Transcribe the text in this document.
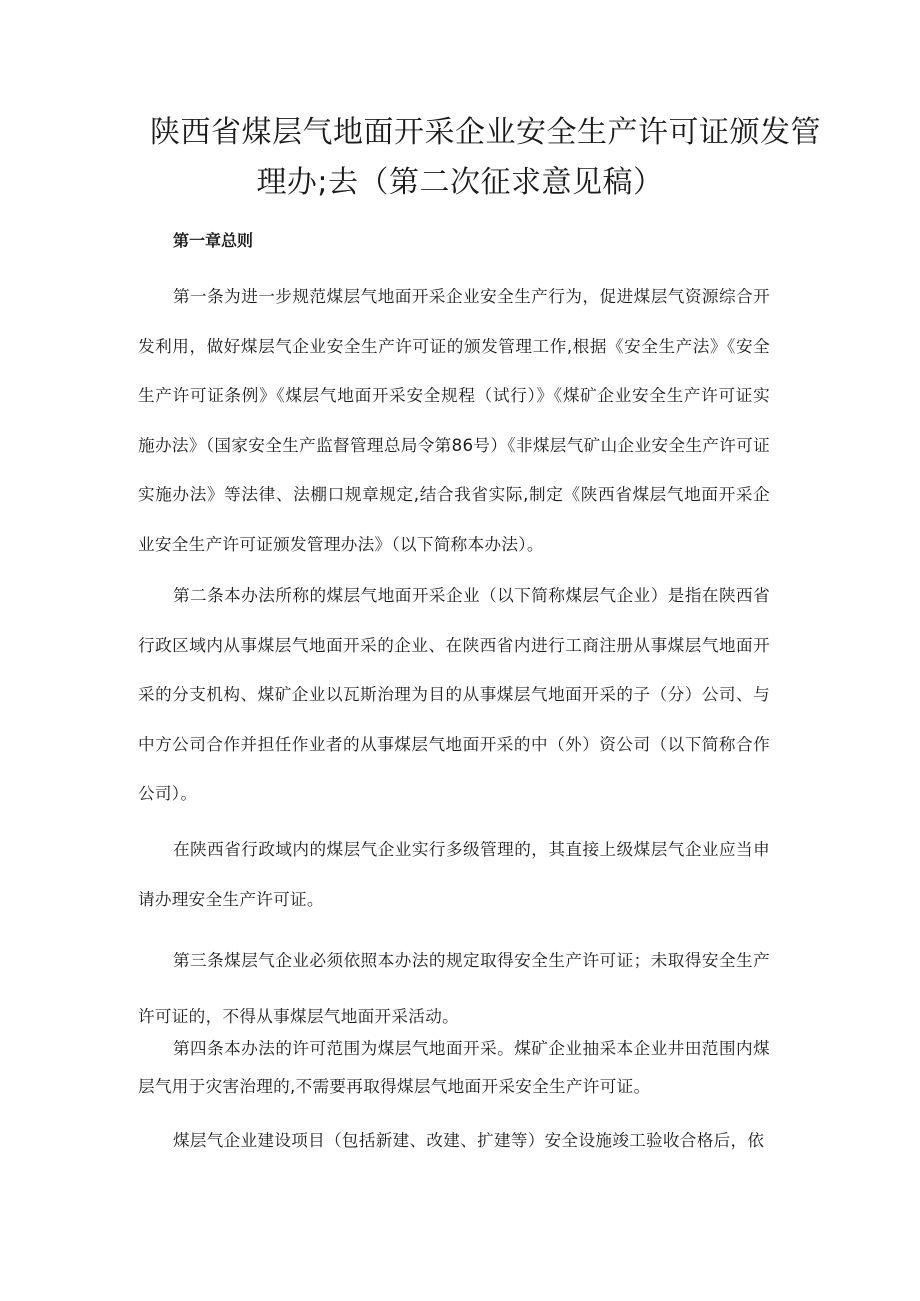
陕西省煤层气地面开采企业安全生产许可证颁发管
理办;去（第二次征求意见稿）
第一章总则

第一条为进一步规范煤层气地面开采企业安全生产行为，促进煤层气资源综合开发利用，做好煤层气企业安全生产许可证的颁发管理工作,根据《安全生产法》《安全生产许可证条例》《煤层气地面开采安全规程（试行）》《煤矿企业安全生产许可证实施办法》（国家安全生产监督管理总局令第86号）《非煤层气矿山企业安全生产许可证实施办法》等法律、法棚口规章规定,结合我省实际,制定《陕西省煤层气地面开采企业安全生产许可证颁发管理办法》（以下简称本办法）。

第二条本办法所称的煤层气地面开采企业（以下简称煤层气企业）是指在陕西省行政区域内从事煤层气地面开采的企业、在陕西省内进行工商注册从事煤层气地面开采的分支机构、煤矿企业以瓦斯治理为目的从事煤层气地面开采的子（分）公司、与中方公司合作并担任作业者的从事煤层气地面开采的中（外）资公司（以下简称合作公司）。

在陕西省行政域内的煤层气企业实行多级管理的，其直接上级煤层气企业应当申请办理安全生产许可证。

第三条煤层气企业必须依照本办法的规定取得安全生产许可证；未取得安全生产许可证的，不得从事煤层气地面开采活动。

第四条本办法的许可范围为煤层气地面开采。煤矿企业抽采本企业井田范围内煤层气用于灾害治理的,不需要再取得煤层气地面开采安全生产许可证。

煤层气企业建设项目（包括新建、改建、扩建等）安全设施竣工验收合格后，依
